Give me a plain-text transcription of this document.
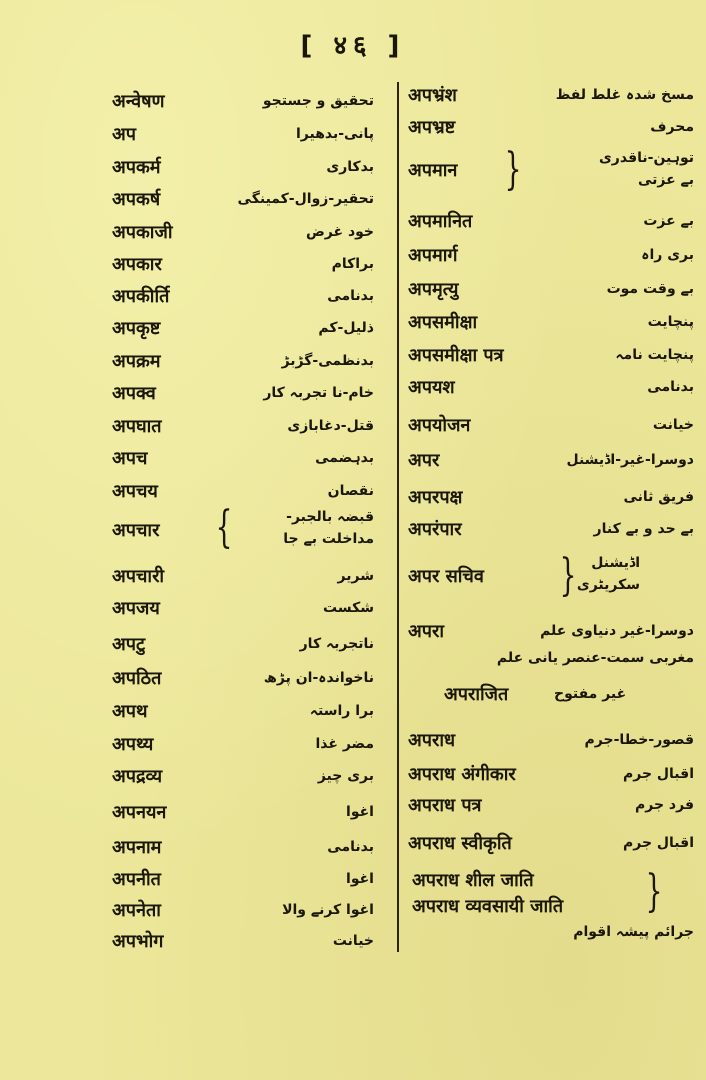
[ ४६ ]
अन्वेषण	تحقیق و جستجو
अप	پانی-بدھیرا
अपकर्म	بدکاری
अपकर्ष	تحقیر-زوال-کمینگی
अपकाजी	خود غرض
अपकार	براکام
अपकीर्ति	بدنامی
अपकृष्ट	ذلیل-کم
अपक्रम	بدنظمی-گڑبڑ
अपक्व	خام-نا تجربہ کار
अपघात	قتل-دغابازی
अपच	بدہضمی
अपचय	نقصان
अपचार {	قبضہ بالجبر-
مداخلت بے جا
अपचारी	شریر
अपजय	شکست
अपटु	ناتجربہ کار
अपठित	ناخواندہ-ان پڑھ
अपथ	برا راستہ
अपथ्य	مضر غذا
अपद्रव्य	بری چیز
अपनयन	اغوا
अपनाम	بدنامی
अपनीत	اغوا
अपनेता	اغوا کرنے والا
अपभोग	خیانت
अपभ्रंश	مسخ شدہ غلط لفظ
अपभ्रष्ट	محرف
अपमान }	توہین-ناقدری
بے عزتی
अपमानित	بے عزت
अपमार्ग	بری راہ
अपमृत्यु	بے وقت موت
अपसमीक्षा	پنچایت
अपसमीक्षा पत्र	پنچایت نامہ
अपयश	بدنامی
अपयोजन	خیانت
अपर	دوسرا-غیر-اڈیشنل
अपरपक्ष	فریق ثانی
अपरंपार	بے حد و بے کنار
अपर सचिव } اڈیشنل
سکریٹری
अपरा	دوسرا-غیر دنیاوی علم
مغربی سمت-عنصر یانی علم
अपराजित	غیر مفتوح
अपराध	قصور-خطا-جرم
अपराध अंगीकार	اقبال جرم
अपराध पत्र	فرد جرم
अपराध स्वीकृति	اقبال جرم
अपराध शील जाति
अपराध व्यवसायी जाति }
جرائم پیشہ اقوام
